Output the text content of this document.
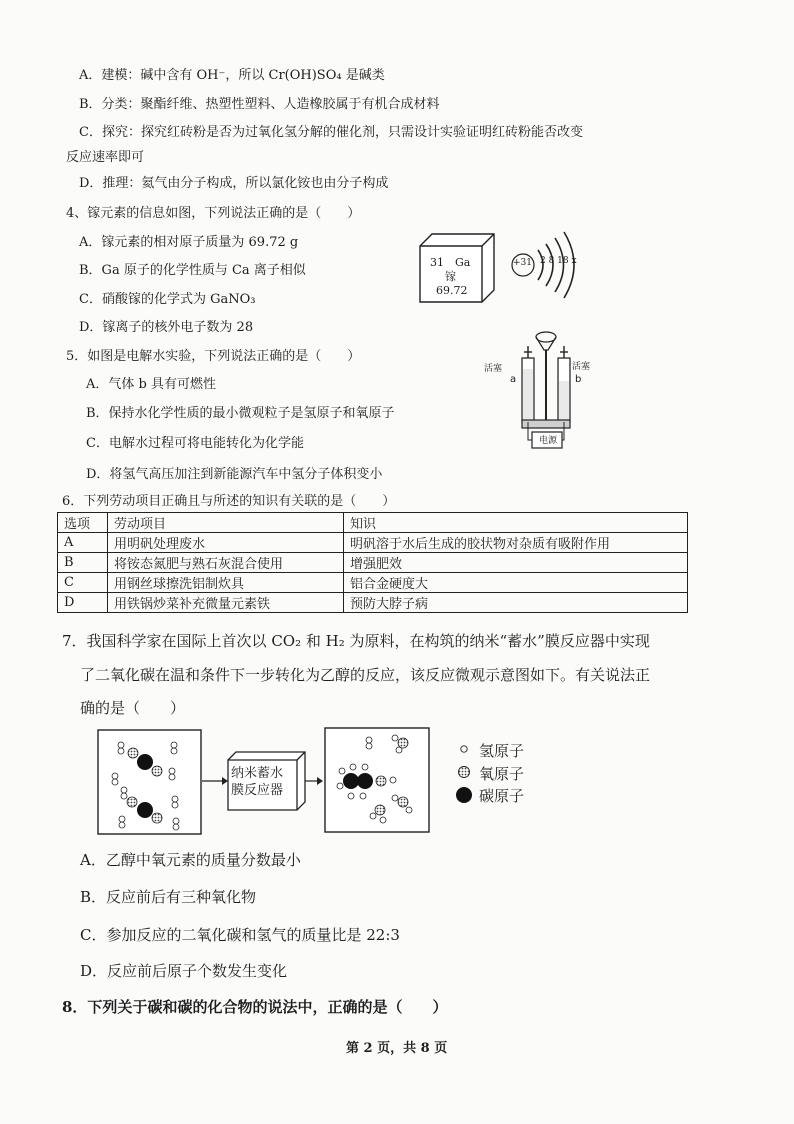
A．建模：碱中含有 OH⁻，所以 Cr(OH)SO₄ 是碱类
B．分类：聚酯纤维、热塑性塑料、人造橡胶属于有机合成材料
C．探究：探究红砖粉是否为过氧化氢分解的催化剂，只需设计实验证明红砖粉能否改变
反应速率即可
D．推理：氦气由分子构成，所以氯化铵也由分子构成
4、镓元素的信息如图，下列说法正确的是（　　）
A．镓元素的相对原子质量为 69.72 g
B．Ga 原子的化学性质与 Ca 离子相似
C．硝酸镓的化学式为 GaNO₃
D．镓离子的核外电子数为 28
31　Ga
镓
69.72
+31 2 8 18 x
5．如图是电解水实验，下列说法正确的是（　　）
A．气体 b 具有可燃性
B．保持水化学性质的最小微观粒子是氢原子和氧原子
C．电解水过程可将电能转化为化学能
D．将氢气高压加注到新能源汽车中氢分子体积变小
活塞	活塞
a	b
电源
6．下列劳动项目正确且与所述的知识有关联的是（　　）
选项	劳动项目	知识
A	用明矾处理废水	明矾溶于水后生成的胶状物对杂质有吸附作用
B	将铵态氮肥与熟石灰混合使用	增强肥效
C	用钢丝球擦洗铝制炊具	铝合金硬度大
D	用铁锅炒菜补充微量元素铁	预防大脖子病
7．我国科学家在国际上首次以 CO₂ 和 H₂ 为原料，在构筑的纳米“蓄水”膜反应器中实现
了二氧化碳在温和条件下一步转化为乙醇的反应，该反应微观示意图如下。有关说法正
确的是（　　）
纳米蓄水
膜反应器
氢原子
氧原子
碳原子
A．乙醇中氧元素的质量分数最小
B．反应前后有三种氧化物
C．参加反应的二氧化碳和氢气的质量比是 22:3
D．反应前后原子个数发生变化
8．下列关于碳和碳的化合物的说法中，正确的是（　　）
第 2 页，共 8 页
